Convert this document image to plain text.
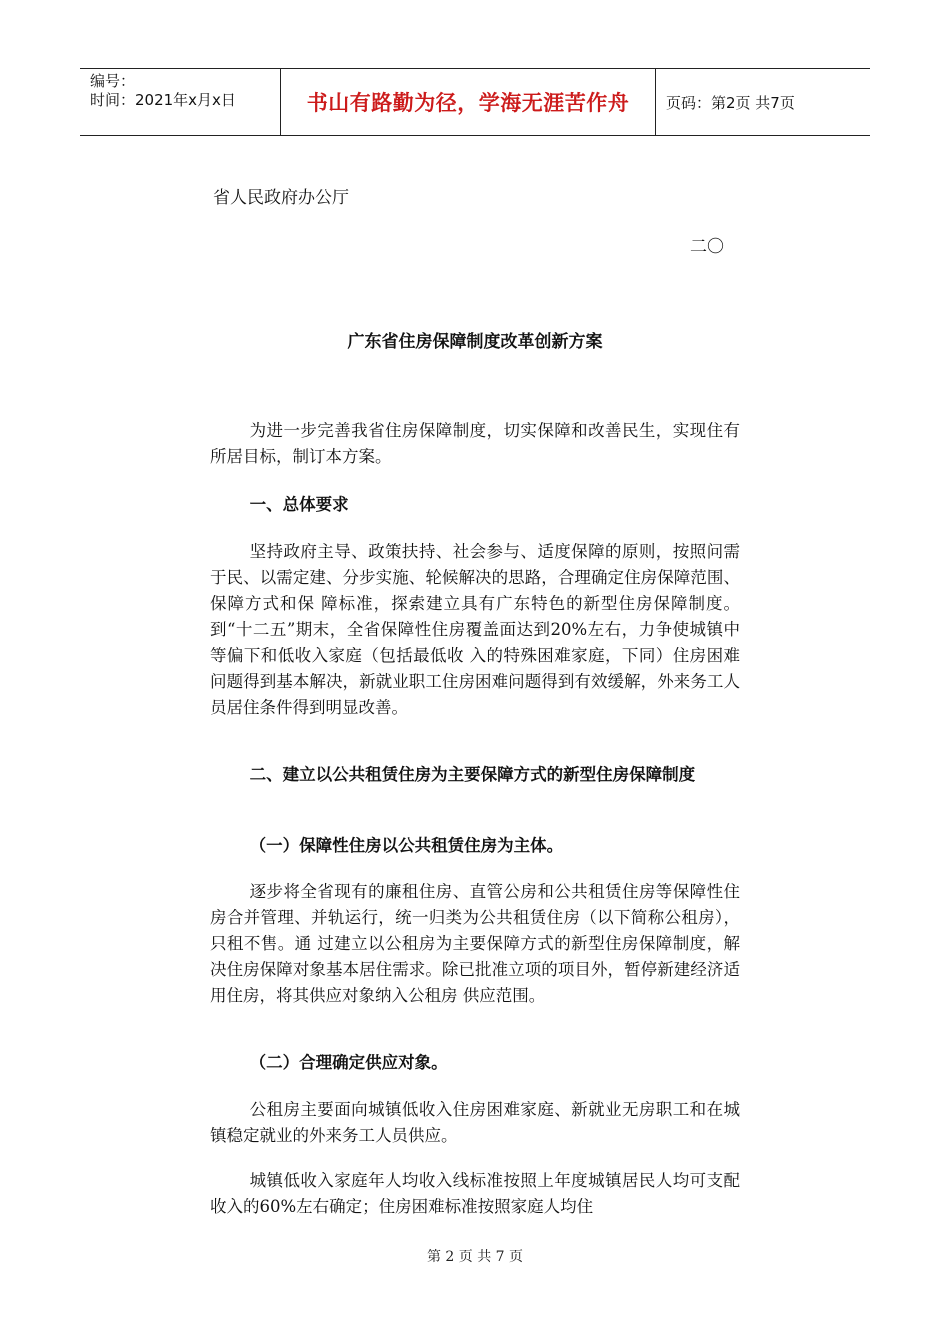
编号：
时间：2021年x月x日	书山有路勤为径，学海无涯苦作舟	页码：第2页 共7页
省人民政府办公厅
二〇
广东省住房保障制度改革创新方案

为进一步完善我省住房保障制度，切实保障和改善民生，实现住有所居目标，制订本方案。

一、总体要求

坚持政府主导、政策扶持、社会参与、适度保障的原则，按照问需于民、以需定建、分步实施、轮候解决的思路，合理确定住房保障范围、保障方式和保 障标准，探索建立具有广东特色的新型住房保障制度。到“十二五”期末，全省保障性住房覆盖面达到20%左右，力争使城镇中等偏下和低收入家庭（包括最低收 入的特殊困难家庭，下同）住房困难问题得到基本解决，新就业职工住房困难问题得到有效缓解，外来务工人员居住条件得到明显改善。

二、建立以公共租赁住房为主要保障方式的新型住房保障制度

（一）保障性住房以公共租赁住房为主体。

逐步将全省现有的廉租住房、直管公房和公共租赁住房等保障性住房合并管理、并轨运行，统一归类为公共租赁住房（以下简称公租房），只租不售。通 过建立以公租房为主要保障方式的新型住房保障制度，解决住房保障对象基本居住需求。除已批准立项的项目外，暂停新建经济适用住房，将其供应对象纳入公租房 供应范围。

（二）合理确定供应对象。

公租房主要面向城镇低收入住房困难家庭、新就业无房职工和在城镇稳定就业的外来务工人员供应。

城镇低收入家庭年人均收入线标准按照上年度城镇居民人均可支配收入的60%左右确定；住房困难标准按照家庭人均住

第 2 页 共 7 页
